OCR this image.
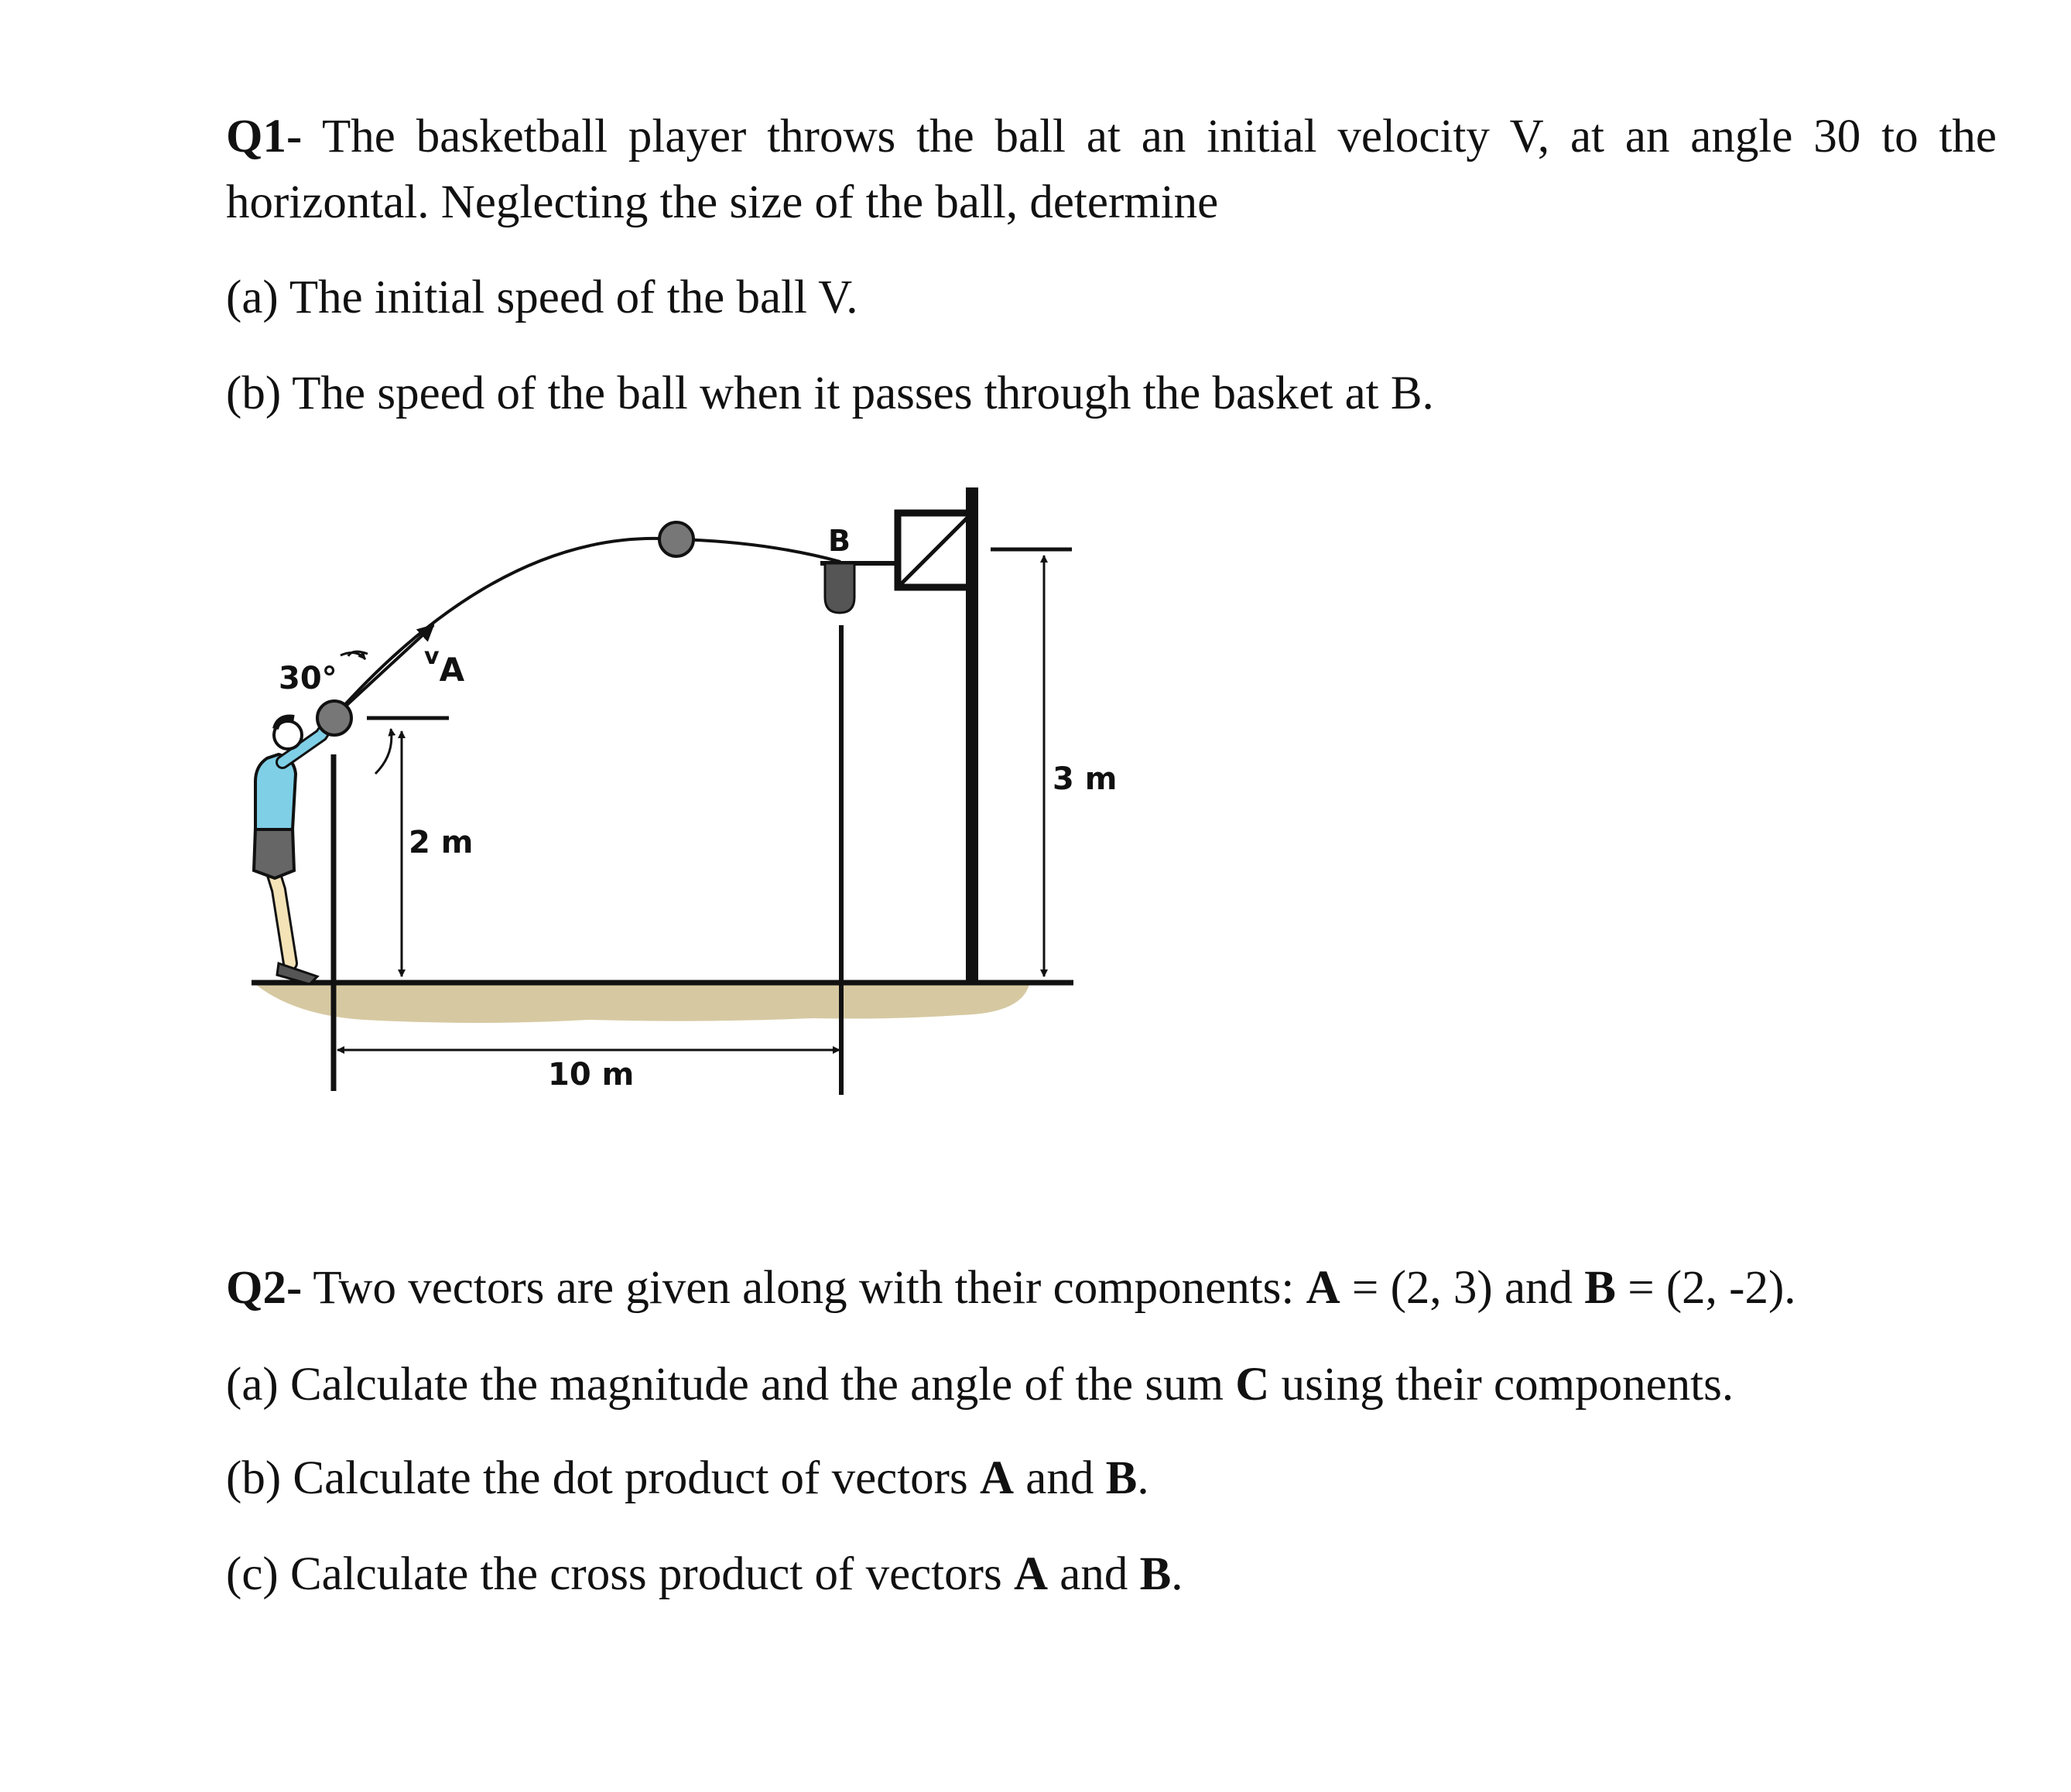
Q1- The basketball player throws the ball at an initial velocity V, at an angle 30 to the
horizontal. Neglecting the size of the ball, determine
(a) The initial speed of the ball V.
(b) The speed of the ball when it passes through the basket at B.
30°
$^v$A
2 m
B
3 m
10 m
Q2- Two vectors are given along with their components: A = (2, 3) and B = (2, -2).
(a) Calculate the magnitude and the angle of the sum C using their components.
(b) Calculate the dot product of vectors A and B.
(c) Calculate the cross product of vectors A and B.
